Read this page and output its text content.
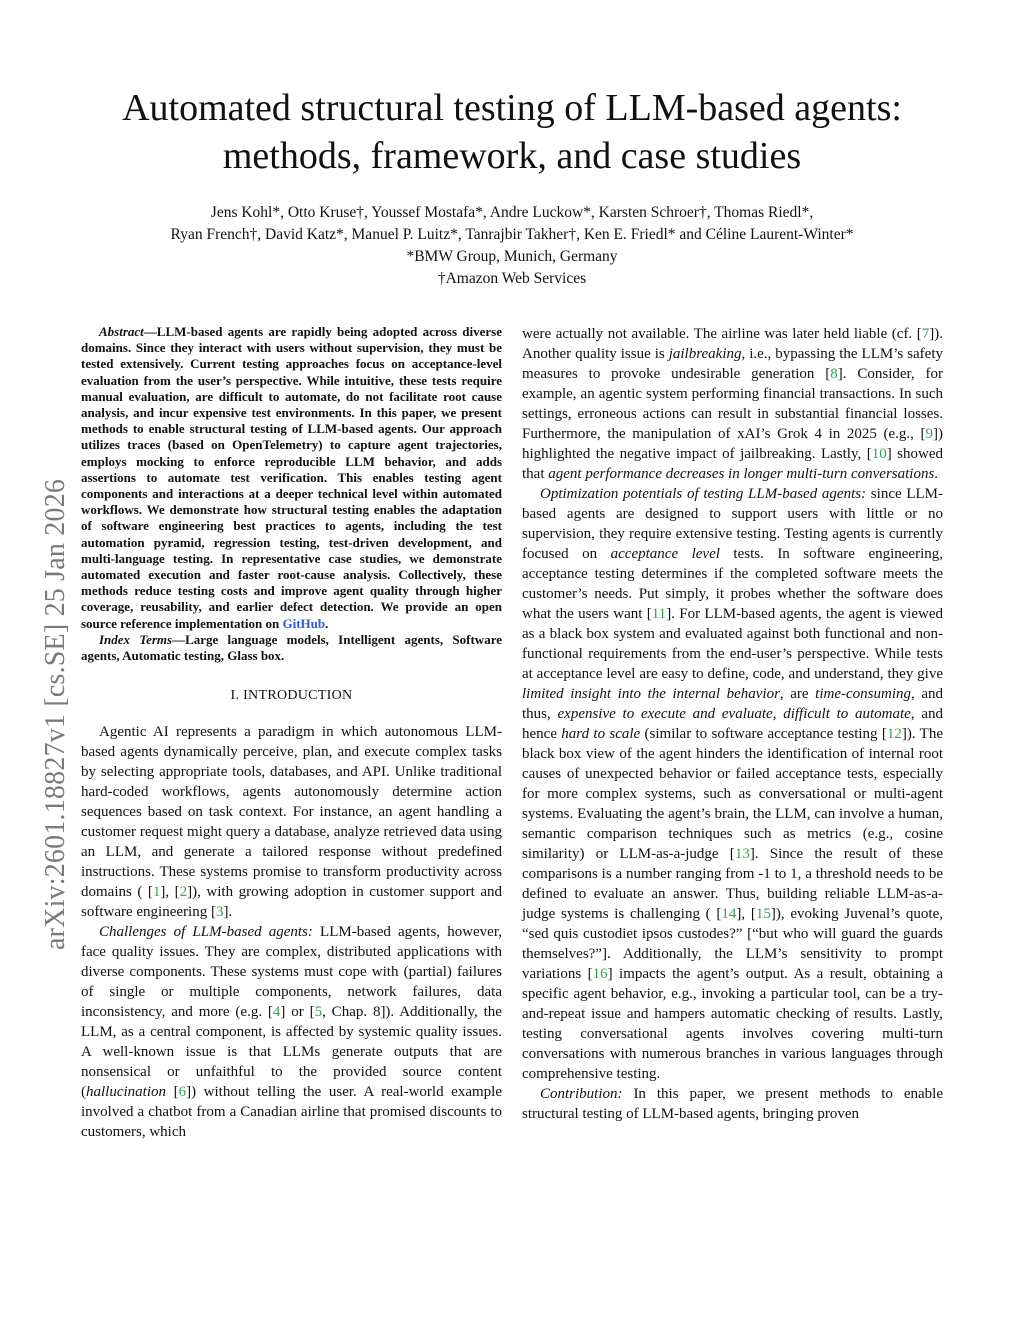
arXiv:2601.18827v1 [cs.SE] 25 Jan 2026
Automated structural testing of LLM-based agents:
methods, framework, and case studies
Jens Kohl*, Otto Kruse†, Youssef Mostafa*, Andre Luckow*, Karsten Schroer†, Thomas Riedl*,
Ryan French†, David Katz*, Manuel P. Luitz*, Tanrajbir Takher†, Ken E. Friedl* and Céline Laurent-Winter*
*BMW Group, Munich, Germany
†Amazon Web Services

Abstract—LLM-based agents are rapidly being adopted across diverse domains. Since they interact with users without supervision, they must be tested extensively. Current testing approaches focus on acceptance-level evaluation from the user’s perspective. While intuitive, these tests require manual evaluation, are difficult to automate, do not facilitate root cause analysis, and incur expensive test environments. In this paper, we present methods to enable structural testing of LLM-based agents. Our approach utilizes traces (based on OpenTelemetry) to capture agent trajectories, employs mocking to enforce reproducible LLM behavior, and adds assertions to automate test verification. This enables testing agent components and interactions at a deeper technical level within automated workflows. We demonstrate how structural testing enables the adaptation of software engineering best practices to agents, including the test automation pyramid, regression testing, test-driven development, and multi-language testing. In representative case studies, we demonstrate automated execution and faster root-cause analysis. Collectively, these methods reduce testing costs and improve agent quality through higher coverage, reusability, and earlier defect detection. We provide an open source reference implementation on GitHub.

Index Terms—Large language models, Intelligent agents, Software agents, Automatic testing, Glass box.

I. INTRODUCTION

Agentic AI represents a paradigm in which autonomous LLM-based agents dynamically perceive, plan, and execute complex tasks by selecting appropriate tools, databases, and API. Unlike traditional hard-coded workflows, agents autonomously determine action sequences based on task context. For instance, an agent handling a customer request might query a database, analyze retrieved data using an LLM, and generate a tailored response without predefined instructions. These systems promise to transform productivity across domains ( [1], [2]), with growing adoption in customer support and software engineering [3].

Challenges of LLM-based agents: LLM-based agents, however, face quality issues. They are complex, distributed applications with diverse components. These systems must cope with (partial) failures of single or multiple components, network failures, data inconsistency, and more (e.g. [4] or [5, Chap. 8]). Additionally, the LLM, as a central component, is affected by systemic quality issues. A well-known issue is that LLMs generate outputs that are nonsensical or unfaithful to the provided source content (hallucination [6]) without telling the user. A real-world example involved a chatbot from a Canadian airline that promised discounts to customers, which

were actually not available. The airline was later held liable (cf. [7]). Another quality issue is jailbreaking, i.e., bypassing the LLM’s safety measures to provoke undesirable generation [8]. Consider, for example, an agentic system performing financial transactions. In such settings, erroneous actions can result in substantial financial losses. Furthermore, the manipulation of xAI’s Grok 4 in 2025 (e.g., [9]) highlighted the negative impact of jailbreaking. Lastly, [10] showed that agent performance decreases in longer multi-turn conversations.

Optimization potentials of testing LLM-based agents: since LLM-based agents are designed to support users with little or no supervision, they require extensive testing. Testing agents is currently focused on acceptance level tests. In software engineering, acceptance testing determines if the completed software meets the customer’s needs. Put simply, it probes whether the software does what the users want [11]. For LLM-based agents, the agent is viewed as a black box system and evaluated against both functional and non-functional requirements from the end-user’s perspective. While tests at acceptance level are easy to define, code, and understand, they give limited insight into the internal behavior, are time-consuming, and thus, expensive to execute and evaluate, difficult to automate, and hence hard to scale (similar to software acceptance testing [12]). The black box view of the agent hinders the identification of internal root causes of unexpected behavior or failed acceptance tests, especially for more complex systems, such as conversational or multi-agent systems. Evaluating the agent’s brain, the LLM, can involve a human, semantic comparison techniques such as metrics (e.g., cosine similarity) or LLM-as-a-judge [13]. Since the result of these comparisons is a number ranging from -1 to 1, a threshold needs to be defined to evaluate an answer. Thus, building reliable LLM-as-a-judge systems is challenging ( [14], [15]), evoking Juvenal’s quote, “sed quis custodiet ipsos custodes?” [“but who will guard the guards themselves?”]. Additionally, the LLM’s sensitivity to prompt variations [16] impacts the agent’s output. As a result, obtaining a specific agent behavior, e.g., invoking a particular tool, can be a try-and-repeat issue and hampers automatic checking of results. Lastly, testing conversational agents involves covering multi-turn conversations with numerous branches in various languages through comprehensive testing.

Contribution: In this paper, we present methods to enable structural testing of LLM-based agents, bringing proven
